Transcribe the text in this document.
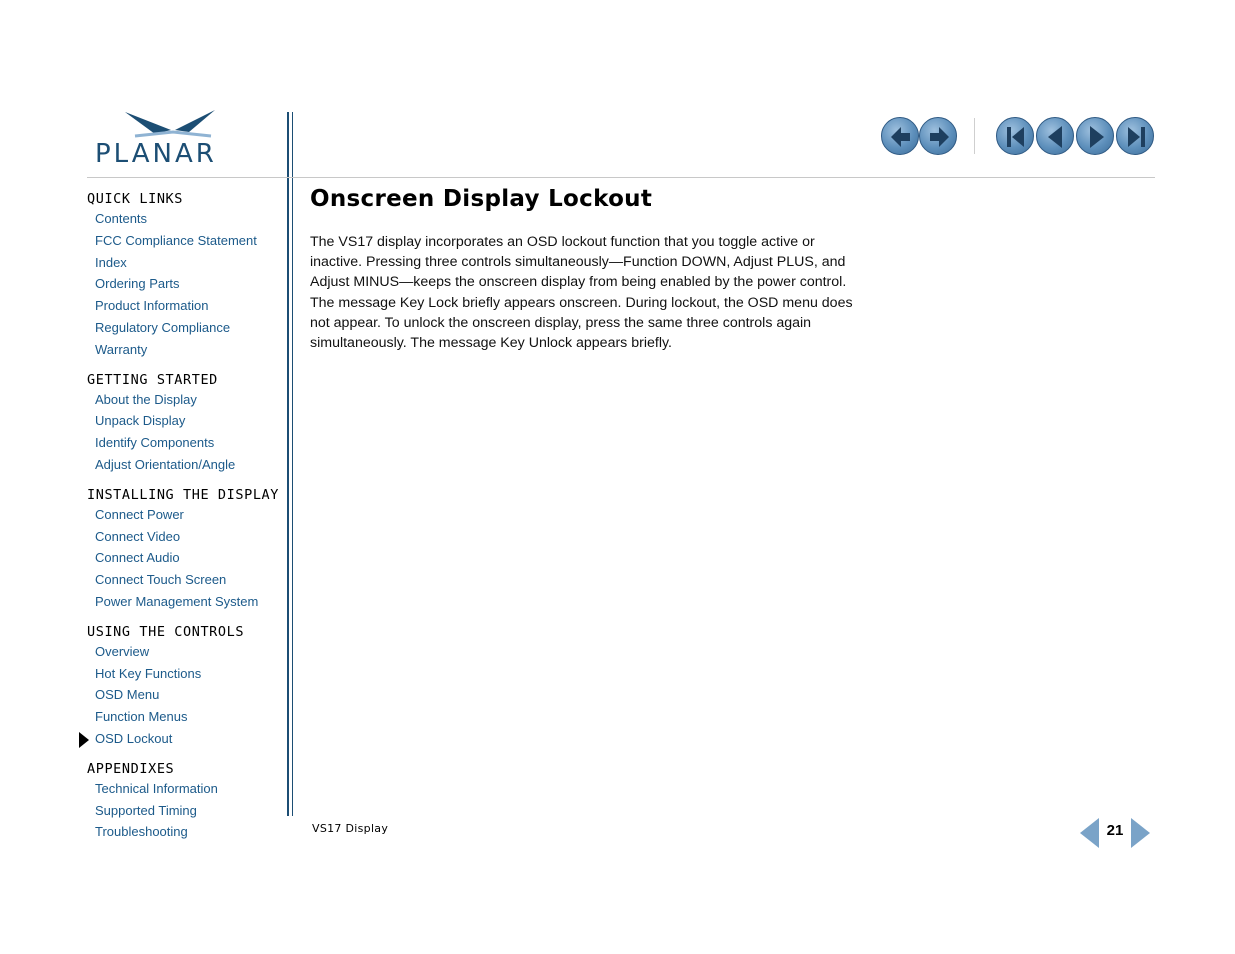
PLANAR
QUICK LINKS
Contents
FCC Compliance Statement
Index
Ordering Parts
Product Information
Regulatory Compliance
Warranty
GETTING STARTED
About the Display
Unpack Display
Identify Components
Adjust Orientation/Angle
INSTALLING THE DISPLAY
Connect Power
Connect Video
Connect Audio
Connect Touch Screen
Power Management System
USING THE CONTROLS
Overview
Hot Key Functions
OSD Menu
Function Menus
OSD Lockout
APPENDIXES
Technical Information
Supported Timing
Troubleshooting
Onscreen Display Lockout

The VS17 display incorporates an OSD lockout function that you toggle active or inactive. Pressing three controls simultaneously—Function DOWN, Adjust PLUS, and Adjust MINUS—keeps the onscreen display from being enabled by the power control. The message Key Lock briefly appears onscreen. During lockout, the OSD menu does not appear. To unlock the onscreen display, press the same three controls again simultaneously. The message Key Unlock appears briefly.

VS17 Display	21
